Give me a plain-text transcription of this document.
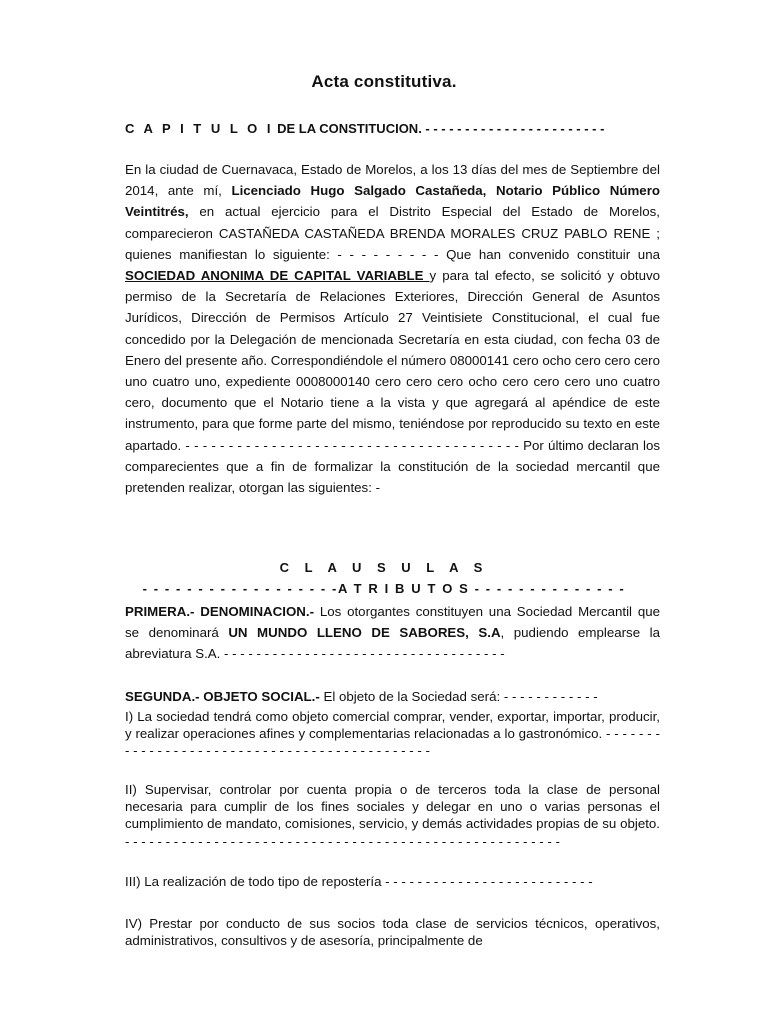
Acta constitutiva.
C A P I T U L O I DE LA CONSTITUCION. - - - - - - - - - - - - - - - - - - - - - - -
En la ciudad de Cuernavaca, Estado de Morelos, a los 13 días del mes de Septiembre del 2014, ante mí, Licenciado Hugo Salgado Castañeda, Notario Público Número Veintitrés, en actual ejercicio para el Distrito Especial del Estado de Morelos, comparecieron CASTAÑEDA CASTAÑEDA BRENDA MORALES CRUZ PABLO RENE ; quienes manifiestan lo siguiente: - - - - - - - - - Que han convenido constituir una SOCIEDAD ANONIMA DE CAPITAL VARIABLE y para tal efecto, se solicitó y obtuvo permiso de la Secretaría de Relaciones Exteriores, Dirección General de Asuntos Jurídicos, Dirección de Permisos Artículo 27 Veintisiete Constitucional, el cual fue concedido por la Delegación de mencionada Secretaría en esta ciudad, con fecha 03 de Enero del presente año. Correspondiéndole el número 08000141 cero ocho cero cero cero uno cuatro uno, expediente 0008000140 cero cero cero ocho cero cero cero uno cuatro cero, documento que el Notario tiene a la vista y que agregará al apéndice de este instrumento, para que forme parte del mismo, teniéndose por reproducido su texto en este apartado. - - - - - - - - - - - - - - - - - - - - - - - - - - - - - - - - - - - - - - - Por último declaran los comparecientes que a fin de formalizar la constitución de la sociedad mercantil que pretenden realizar, otorgan las siguientes: -
C L A U S U L A S
- - - - - - - - - - - - - - - - - -A T R I B U T O S - - - - - - - - - - - - - -
PRIMERA.- DENOMINACION.- Los otorgantes constituyen una Sociedad Mercantil que se denominará UN MUNDO LLENO DE SABORES, S.A, pudiendo emplearse la abreviatura S.A. - - - - - - - - - - - - - - - - - - - - - - - - - - - - - - - - - - -
SEGUNDA.- OBJETO SOCIAL.- El objeto de la Sociedad será: - - - - - - - - - - - -
I) La sociedad tendrá como objeto comercial comprar, vender, exportar, importar, producir, y realizar operaciones afines y complementarias relacionadas a lo gastronómico. - - - - - - - - - - - - - - - - - - - - - - - - - - - - - - - - - - - - - - - - - - - - -
II) Supervisar, controlar por cuenta propia o de terceros toda la clase de personal necesaria para cumplir de los fines sociales y delegar en uno o varias personas el cumplimiento de mandato, comisiones, servicio, y demás actividades propias de su objeto. - - - - - - - - - - - - - - - - - - - - - - - - - - - - - - - - - - - - - - - - - - - - - - - - - - - - - -
III) La realización de todo tipo de repostería - - - - - - - - - - - - - - - - - - - - - - - - - -
IV) Prestar por conducto de sus socios toda clase de servicios técnicos, operativos, administrativos, consultivos y de asesoría, principalmente de
